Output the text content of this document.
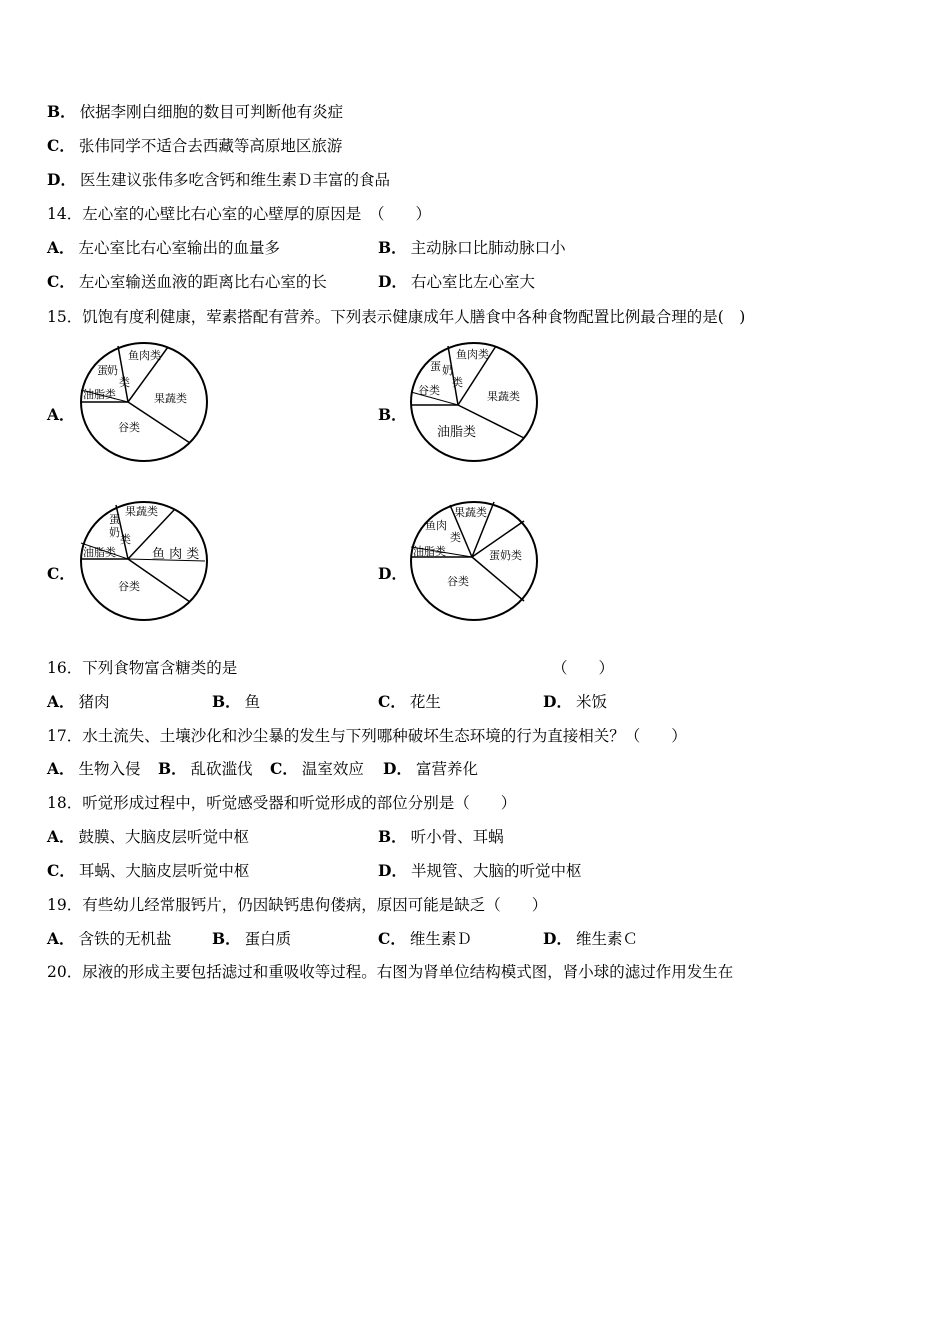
B． 依据李刚白细胞的数目可判断他有炎症
C． 张伟同学不适合去西藏等高原地区旅游
D． 医生建议张伟多吃含钙和维生素Ｄ丰富的食品
14．左心室的心壁比右心室的心壁厚的原因是　（　　）
A． 左心室比右心室输出的血量多	B． 主动脉口比肺动脉口小
C． 左心室输送血液的距离比右心室的长	D． 右心室比左心室大
15．饥饱有度利健康，荤素搭配有营养。下列表示健康成年人膳食中各种食物配置比例最合理的是(　)
A．
鱼肉类
蛋 奶
类
油脂类	果蔬类
谷类
B．
鱼肉类
蛋 奶
类
谷类	果蔬类
油脂类
C．
果蔬类
蛋
奶
类
油脂类	鱼 肉 类
谷类
D．
果蔬类
鱼肉
类
油脂类	蛋奶类
谷类
16．下列食物富含糖类的是	（　　）
A． 猪肉	B． 鱼	C． 花生	D． 米饭
17．水土流失、土壤沙化和沙尘暴的发生与下列哪种破坏生态环境的行为直接相关？（　　）
A． 生物入侵 B． 乱砍滥伐 C． 温室效应 D． 富营养化
18．听觉形成过程中，听觉感受器和听觉形成的部位分别是（　　）
A． 鼓膜、大脑皮层听觉中枢	B． 听小骨、耳蜗
C． 耳蜗、大脑皮层听觉中枢	D． 半规管、大脑的听觉中枢
19．有些幼儿经常服钙片，仍因缺钙患佝偻病，原因可能是缺乏（　　）
A． 含铁的无机盐	B． 蛋白质	C． 维生素Ｄ	D． 维生素Ｃ
20．尿液的形成主要包括滤过和重吸收等过程。右图为肾单位结构模式图，肾小球的滤过作用发生在
